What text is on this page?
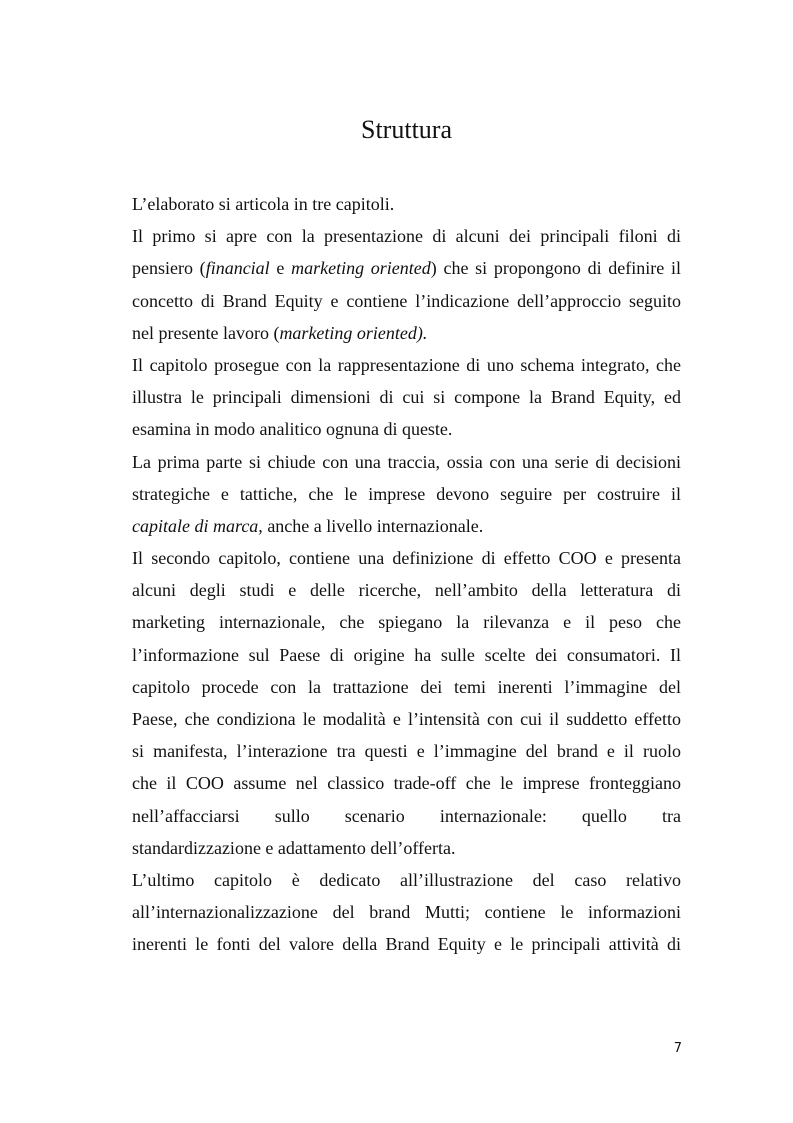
Struttura
L’elaborato si articola in tre capitoli.
Il primo si apre con la presentazione di alcuni dei principali filoni di
pensiero (financial e marketing oriented) che si propongono di definire il
concetto di Brand Equity e contiene l’indicazione dell’approccio seguito
nel presente lavoro (marketing oriented).
Il capitolo prosegue con la rappresentazione di uno schema integrato, che
illustra le principali dimensioni di cui si compone la Brand Equity, ed
esamina in modo analitico ognuna di queste.
La prima parte si chiude con una traccia, ossia con una serie di decisioni
strategiche e tattiche, che le imprese devono seguire per costruire il
capitale di marca, anche a livello internazionale.
Il secondo capitolo, contiene una definizione di effetto COO e presenta
alcuni degli studi e delle ricerche, nell’ambito della letteratura di
marketing internazionale, che spiegano la rilevanza e il peso che
l’informazione sul Paese di origine ha sulle scelte dei consumatori. Il
capitolo procede con la trattazione dei temi inerenti l’immagine del
Paese, che condiziona le modalità e l’intensità con cui il suddetto effetto
si manifesta, l’interazione tra questi e l’immagine del brand e il ruolo
che il COO assume nel classico trade-off che le imprese fronteggiano
nell’affacciarsi sullo scenario internazionale: quello tra
standardizzazione e adattamento dell’offerta.
L’ultimo capitolo è dedicato all’illustrazione del caso relativo
all’internazionalizzazione del brand Mutti; contiene le informazioni
inerenti le fonti del valore della Brand Equity e le principali attività di
7
